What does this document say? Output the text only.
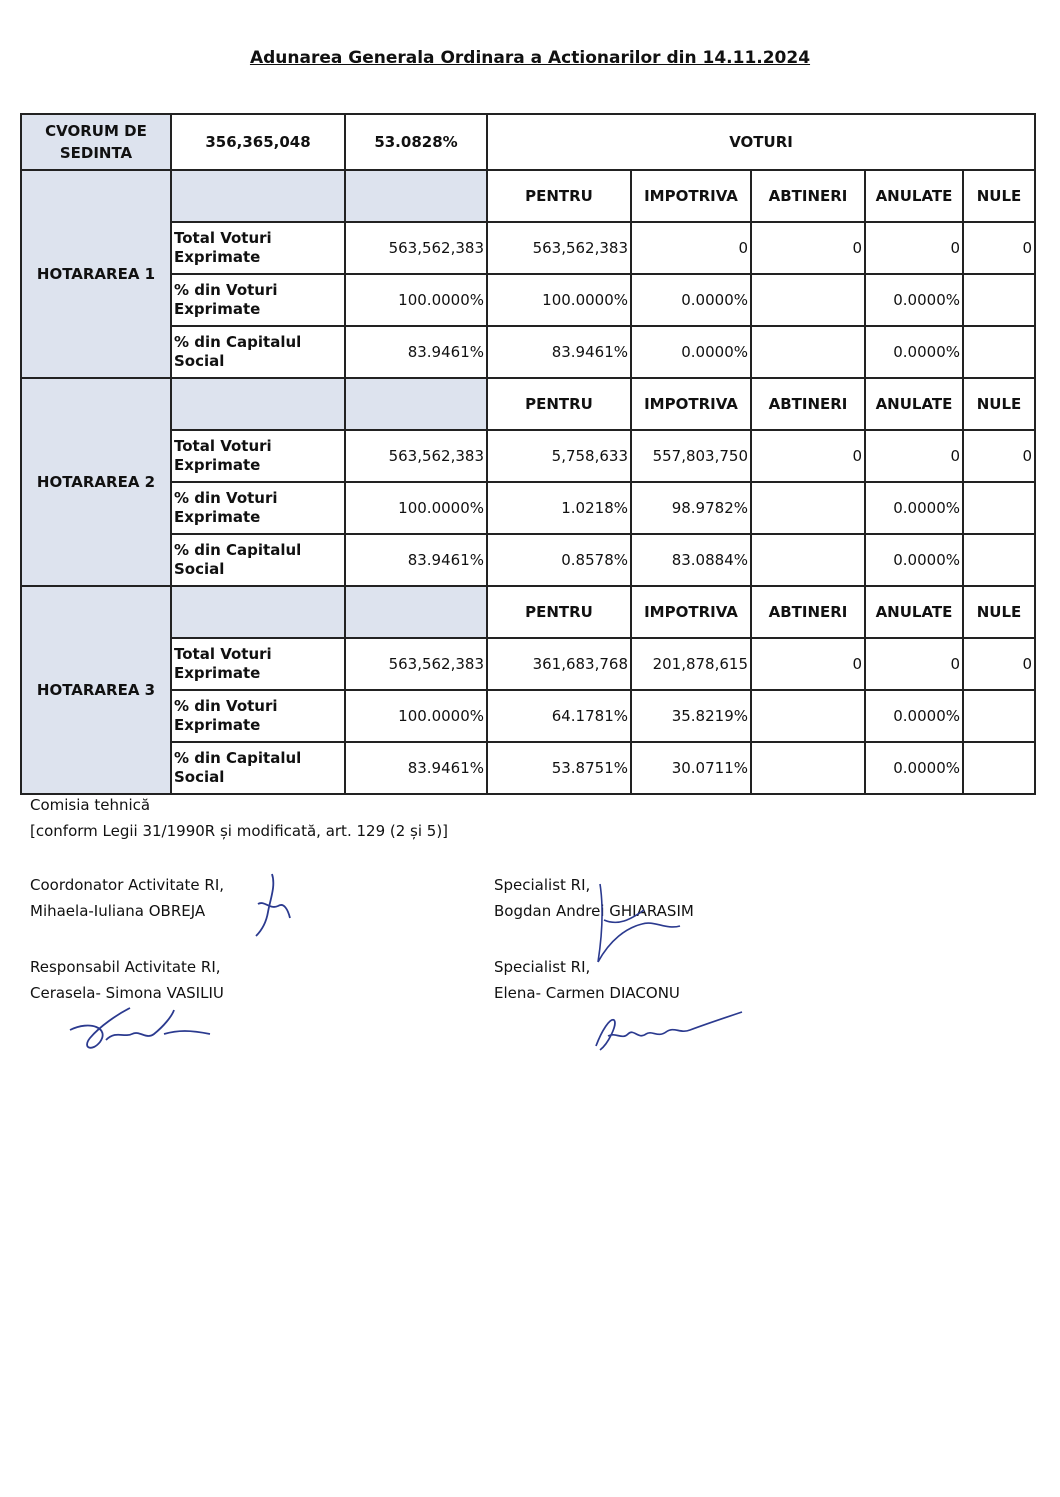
Adunarea Generala Ordinara a Actionarilor din 14.11.2024
CVORUM DE SEDINTA	356,365,048	53.0828%	VOTURI				
HOTARAREA 1			PENTRU	IMPOTRIVA	ABTINERI	ANULATE	NULE
	Total Voturi Exprimate	563,562,383	563,562,383	0	0	0	0
	% din Voturi Exprimate	100.0000%	100.0000%	0.0000%		0.0000%	
	% din Capitalul Social	83.9461%	83.9461%	0.0000%		0.0000%	
HOTARAREA 2			PENTRU	IMPOTRIVA	ABTINERI	ANULATE	NULE
	Total Voturi Exprimate	563,562,383	5,758,633	557,803,750	0	0	0
	% din Voturi Exprimate	100.0000%	1.0218%	98.9782%		0.0000%	
	% din Capitalul Social	83.9461%	0.8578%	83.0884%		0.0000%	
HOTARAREA 3			PENTRU	IMPOTRIVA	ABTINERI	ANULATE	NULE
	Total Voturi Exprimate	563,562,383	361,683,768	201,878,615	0	0	0
	% din Voturi Exprimate	100.0000%	64.1781%	35.8219%		0.0000%	
	% din Capitalul Social	83.9461%	53.8751%	30.0711%		0.0000%	
Comisia tehnică
[conform Legii 31/1990R și modificată, art. 129 (2 și 5)]
Coordonator Activitate RI,
Mihaela-Iuliana OBREJA
Responsabil Activitate RI,
Cerasela- Simona VASILIU
Specialist RI,
Bogdan Andrei GHIARASIM
Specialist RI,
Elena- Carmen DIACONU
